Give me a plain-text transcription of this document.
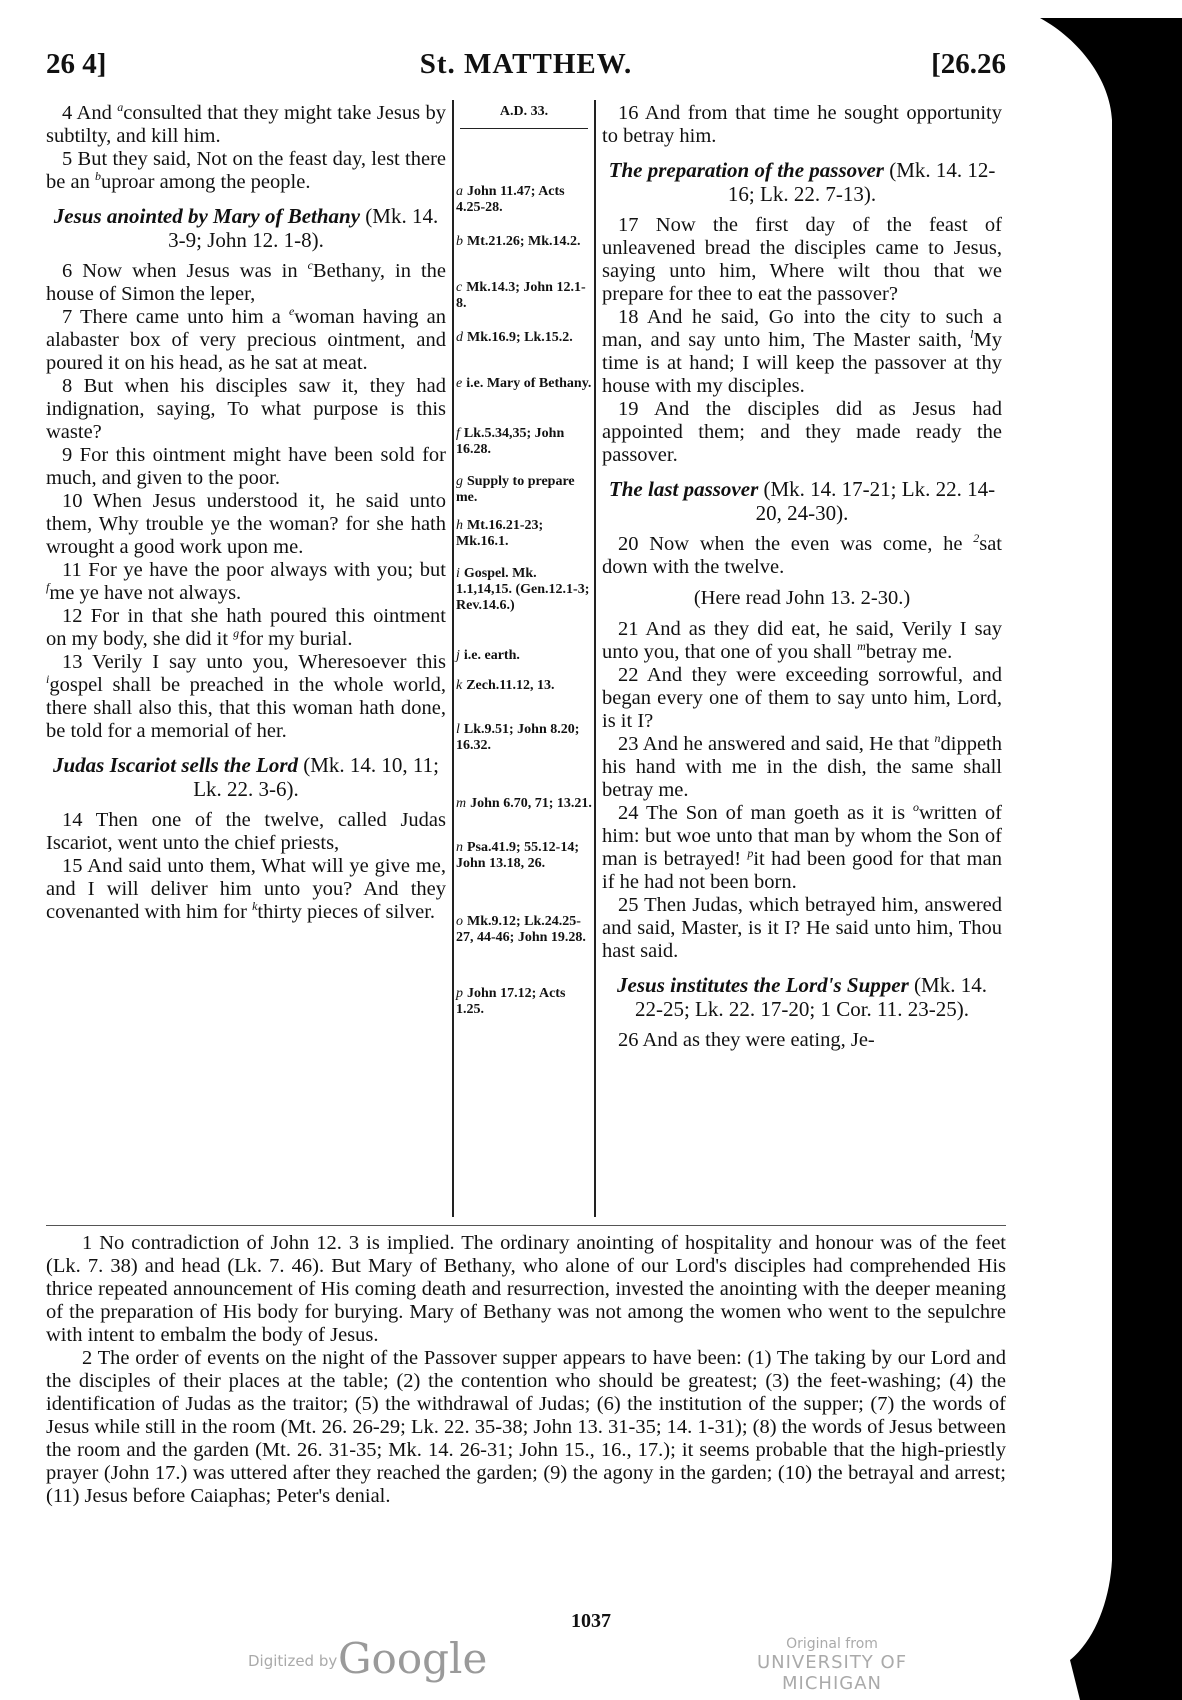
26 4]	St. MATTHEW.	[26.26

4 And $^a$consulted that they might take Jesus by subtilty, and kill him.

5 But they said, Not on the feast day, lest there be an $^b$uproar among the people.

Jesus anointed by Mary of Bethany (Mk. 14. 3-9; John 12. 1-8).

6 Now when Jesus was in $^c$Bethany, in the house of Simon the leper,

7 There came unto him a $^e$woman having an alabaster box of very precious ointment, and poured it on his head, as he sat at meat.

8 But when his disciples saw it, they had indignation, saying, To what purpose is this waste?

9 For this ointment might have been sold for much, and given to the poor.

10 When Jesus understood it, he said unto them, Why trouble ye the woman? for she hath wrought a good work upon me.

11 For ye have the poor always with you; but $^f$me ye have not always.

12 For in that she hath poured this ointment on my body, she did it $^g$for my burial.

13 Verily I say unto you, Wheresoever this $^i$gospel shall be preached in the whole world, there shall also this, that this woman hath done, be told for a memorial of her.

Judas Iscariot sells the Lord (Mk. 14. 10, 11; Lk. 22. 3-6).

14 Then one of the twelve, called Judas Iscariot, went unto the chief priests,

15 And said unto them, What will ye give me, and I will deliver him unto you? And they covenanted with him for $^k$thirty pieces of silver.

A.D. 33.
a John 11.47; Acts 4.25-28.
b Mt.21.26; Mk.14.2.
c Mk.14.3; John 12.1-8.
d Mk.16.9; Lk.15.2.
e i.e. Mary of Bethany.
f Lk.5.34,35; John 16.28.
g Supply to prepare me.
h Mt.16.21-23; Mk.16.1.
i Gospel. Mk. 1.1,14,15. (Gen.12.1-3; Rev.14.6.)
j i.e. earth.
k Zech.11.12, 13.
l Lk.9.51; John 8.20; 16.32.
m John 6.70, 71; 13.21.
n Psa.41.9; 55.12-14; John 13.18, 26.
o Mk.9.12; Lk.24.25-27, 44-46; John 19.28.
p John 17.12; Acts 1.25.

16 And from that time he sought opportunity to betray him.

The preparation of the passover (Mk. 14. 12-16; Lk. 22. 7-13).

17 Now the first day of the feast of unleavened bread the disciples came to Jesus, saying unto him, Where wilt thou that we prepare for thee to eat the passover?

18 And he said, Go into the city to such a man, and say unto him, The Master saith, $^l$My time is at hand; I will keep the passover at thy house with my disciples.

19 And the disciples did as Jesus had appointed them; and they made ready the passover.

The last passover (Mk. 14. 17-21; Lk. 22. 14-20, 24-30).

20 Now when the even was come, he $^2$sat down with the twelve.

(Here read John 13. 2-30.)

21 And as they did eat, he said, Verily I say unto you, that one of you shall $^m$betray me.

22 And they were exceeding sorrowful, and began every one of them to say unto him, Lord, is it I?

23 And he answered and said, He that $^n$dippeth his hand with me in the dish, the same shall betray me.

24 The Son of man goeth as it is $^o$written of him: but woe unto that man by whom the Son of man is betrayed! $^p$it had been good for that man if he had not been born.

25 Then Judas, which betrayed him, answered and said, Master, is it I? He said unto him, Thou hast said.

Jesus institutes the Lord's Supper (Mk. 14. 22-25; Lk. 22. 17-20; 1 Cor. 11. 23-25).

26 And as they were eating, Je-

1 No contradiction of John 12. 3 is implied. The ordinary anointing of hospitality and honour was of the feet (Lk. 7. 38) and head (Lk. 7. 46). But Mary of Bethany, who alone of our Lord's disciples had comprehended His thrice repeated announcement of His coming death and resurrection, invested the anointing with the deeper meaning of the preparation of His body for burying. Mary of Bethany was not among the women who went to the sepulchre with intent to embalm the body of Jesus.

2 The order of events on the night of the Passover supper appears to have been: (1) The taking by our Lord and the disciples of their places at the table; (2) the contention who should be greatest; (3) the feet-washing; (4) the identification of Judas as the traitor; (5) the withdrawal of Judas; (6) the institution of the supper; (7) the words of Jesus while still in the room (Mt. 26. 26-29; Lk. 22. 35-38; John 13. 31-35; 14. 1-31); (8) the words of Jesus between the room and the garden (Mt. 26. 31-35; Mk. 14. 26-31; John 15., 16., 17.); it seems probable that the high-priestly prayer (John 17.) was uttered after they reached the garden; (9) the agony in the garden; (10) the betrayal and arrest; (11) Jesus before Caiaphas; Peter's denial.

1037
Digitized by Google	Original from
UNIVERSITY OF MICHIGAN
